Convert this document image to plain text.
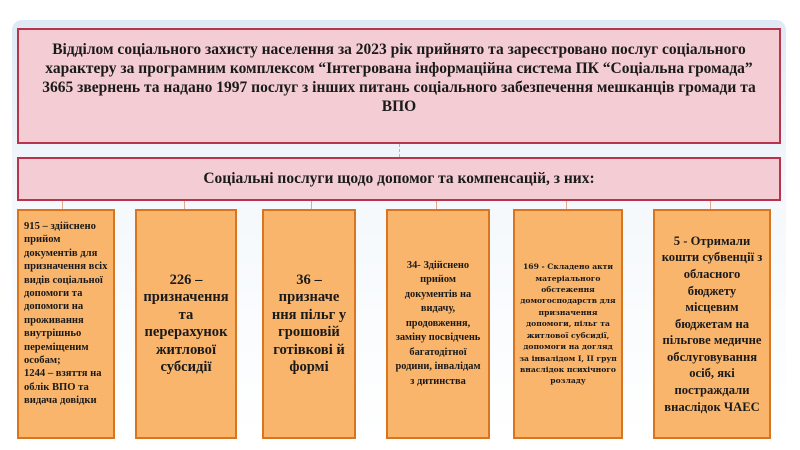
Відділом соціального захисту населення за 2023 рік прийнято та зареєстровано послуг соціального характеру за програмним комплексом “Інтегрована інформаційна система ПК “Соціальна громада” 3665 звернень та надано 1997 послуг з інших питань соціального забезпечення мешканців громади та ВПО
Соціальні послуги щодо допомог та компенсацій, з них:
915 – здійснено прийом документів для призначення всіх видів соціальної допомоги та допомоги на проживання внутрішньо переміщеним особам;
1244 – взяття на облік ВПО та видача довідки
226 – призначення та перерахунок житлової субсидії
36 – призначе ння пільг у грошовій готівкові й формі
34- Здійснено прийом документів на видачу, продовження, заміну посвідчень багатодітної родини, інвалідам з дитинства
169 - Складено акти матеріального обстеження домогосподарств для призначення допомоги, пільг та житлової субсидії, допомоги на догляд за інвалідом І, ІІ груп внаслідок психічного розладу
5 - Отримали кошти субвенції з обласного бюджету місцевим бюджетам на пільгове медичне обслуговування осіб, які постраждали внаслідок ЧАЕС
